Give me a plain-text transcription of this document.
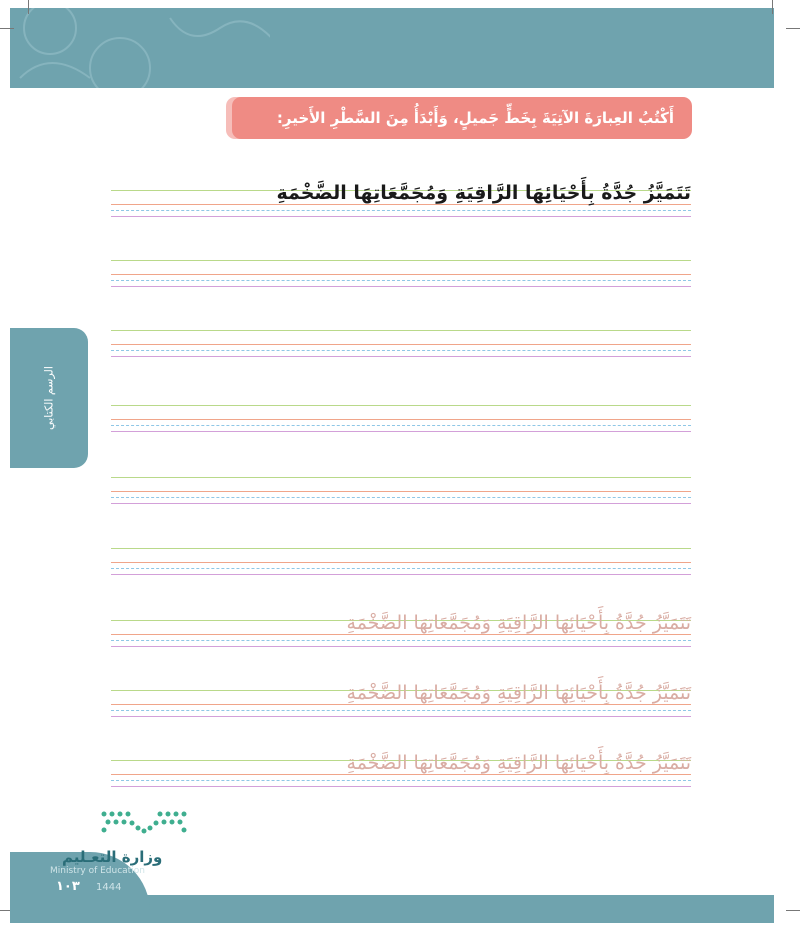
أَكْتُبُ العِبارَةَ الآتِيَةَ بِخَطٍّ جَميلٍ، وَأَبْدَأُ مِنَ السَّطْرِ الأَخيرِ:
الرسم الكتابي
تَتَمَيَّزُ جُدَّةُ بِأَحْيَائِهَا الرَّاقِيَةِ وَمُجَمَّعَاتِهَا الضَّخْمَةِ
تَتَمَيَّزُ جُدَّةُ بِأَحْيَائِهَا الرَّاقِيَةِ وَمُجَمَّعَاتِهَا الضَّخْمَةِ
تَتَمَيَّزُ جُدَّةُ بِأَحْيَائِهَا الرَّاقِيَةِ وَمُجَمَّعَاتِهَا الضَّخْمَةِ
تَتَمَيَّزُ جُدَّةُ بِأَحْيَائِهَا الرَّاقِيَةِ وَمُجَمَّعَاتِهَا الضَّخْمَةِ
وزارة التعـليم
Ministry of Education
١٠٣ 1444
